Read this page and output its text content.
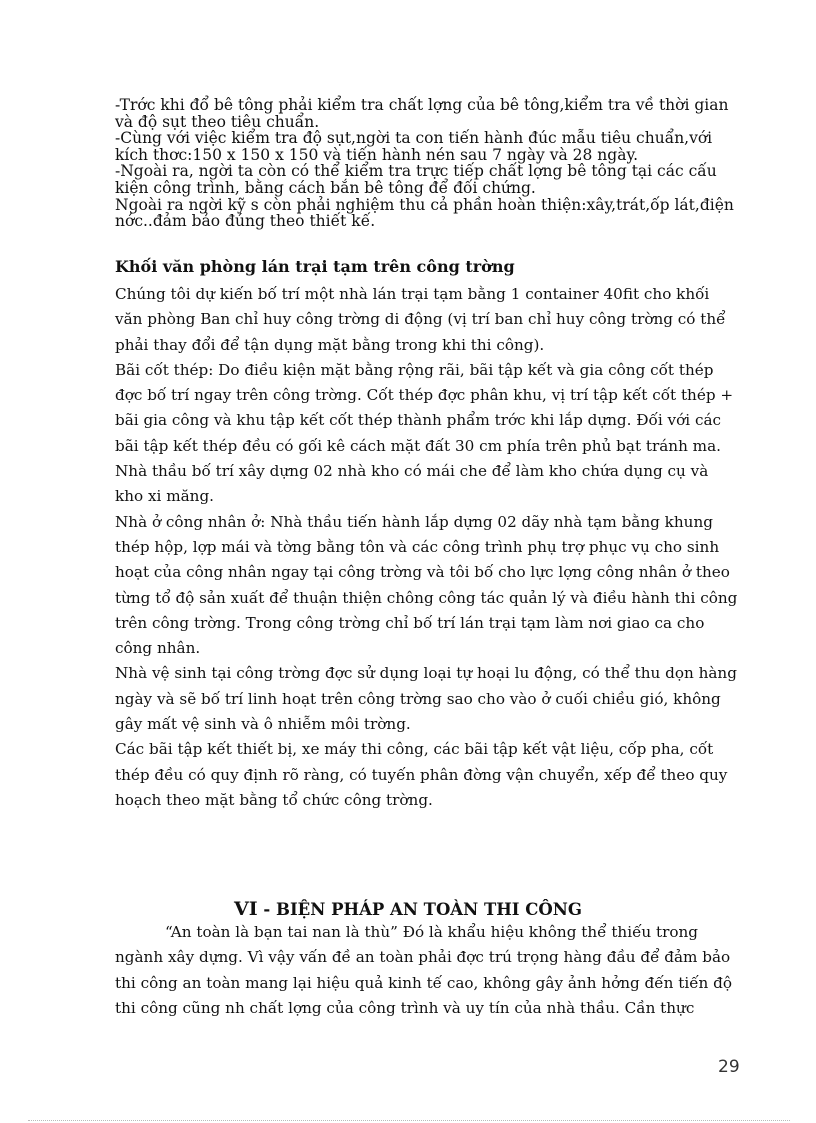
-Trớc khi đổ bê tông phải kiểm tra chất lợng của bê tông,kiểm tra về thời gian và độ sụt theo tiêu chuẩn.

-Cùng với việc kiểm tra độ sụt,ngời ta con tiến hành đúc mẫu tiêu chuẩn,với kích thơc:150 x 150 x 150 và tiến hành nén sau 7 ngày và 28 ngày.

-Ngoài ra, ngời ta còn có thể kiểm tra trực tiếp chất lợng bê tông tại các cấu kiện công trình, bằng cách bắn bê tông để đối chứng.

Ngoài ra ngời kỹ s còn phải nghiệm thu cả phần hoàn thiện:xây,trát,ốp lát,điện nớc..đảm bảo đúng theo thiết kế.

Khối văn phòng lán trại tạm trên công trờng

Chúng tôi dự kiến bố trí một nhà lán trại tạm bằng 1 container 40fit cho khối văn phòng Ban chỉ huy công trờng di động (vị trí ban chỉ huy công trờng có thể phải thay đổi để tận dụng mặt bằng trong khi thi công).

Bãi cốt thép: Do điều kiện mặt bằng rộng rãi, bãi tập kết và gia công cốt thép đợc bố trí ngay trên công trờng. Cốt thép đợc phân khu, vị trí tập kết cốt thép + bãi gia công và khu tập kết cốt thép thành phẩm trớc khi lắp dựng. Đối với các bãi tập kết thép đều có gối kê cách mặt đất 30 cm phía trên phủ bạt tránh ma.

Nhà thầu bố trí xây dựng 02 nhà kho có mái che để làm kho chứa dụng cụ và kho xi măng.

Nhà ở công nhân ở: Nhà thầu tiến hành lắp dựng 02 dãy nhà tạm bằng khung thép hộp, lợp mái và tờng bằng tôn và các công trình phụ trợ phục vụ cho sinh hoạt của công nhân ngay tại công trờng và tôi bố cho lực lợng công nhân ở theo từng tổ độ sản xuất để thuận thiện chông công tác quản lý và điều hành thi công trên công trờng. Trong công trờng chỉ bố trí lán trại tạm làm nơi giao ca cho công nhân.

Nhà vệ sinh tại công trờng đợc sử dụng loại tự hoại lu động, có thể thu dọn hàng ngày và sẽ bố trí linh hoạt trên công trờng sao cho vào ở cuối chiều gió, không gây mất vệ sinh và ô nhiễm môi trờng.

Các bãi tập kết thiết bị, xe máy thi công, các bãi tập kết vật liệu, cốp pha, cốt thép đều có quy định rõ ràng, có tuyến phân đờng vận chuyển, xếp để theo quy hoạch theo mặt bằng tổ chức công trờng.

VI - BIỆN PHÁP AN TOÀN THI CÔNG

“An toàn là bạn tai nan là thù” Đó là khẩu hiệu không thể thiếu trong ngành xây dựng. Vì vậy vấn đề an toàn phải đợc trú trọng hàng đầu để đảm bảo thi công an toàn mang lại hiệu quả kinh tế cao, không gây ảnh hởng đến tiến độ thi công cũng nh chất lợng của công trình và uy tín của nhà thầu. Cần thực

29
